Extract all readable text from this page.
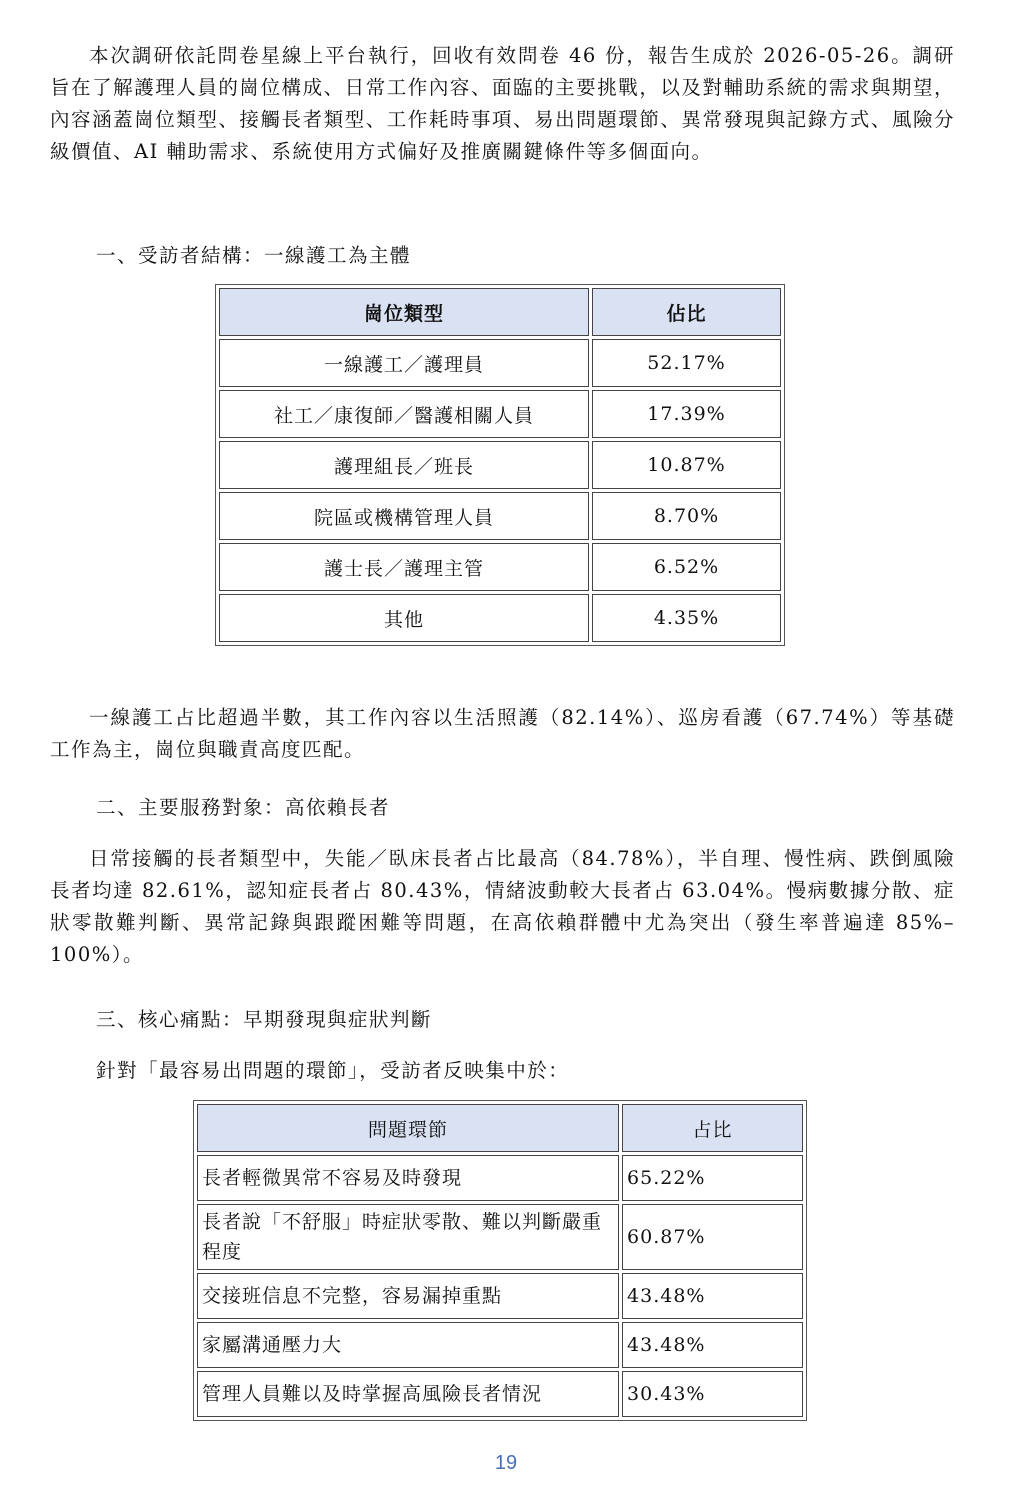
本次調研依託問卷星線上平台執行，回收有效問卷 46 份，報告生成於 2026-05-26。調研旨在了解護理人員的崗位構成、日常工作內容、面臨的主要挑戰，以及對輔助系統的需求與期望，內容涵蓋崗位類型、接觸長者類型、工作耗時事項、易出問題環節、異常發現與記錄方式、風險分級價值、AI 輔助需求、系統使用方式偏好及推廣關鍵條件等多個面向。

一、受訪者結構：一線護工為主體

崗位類型	佔比
一線護工／護理員	52.17%
社工／康復師／醫護相關人員	17.39%
護理組長／班長	10.87%
院區或機構管理人員	8.70%
護士長／護理主管	6.52%
其他	4.35%

一線護工占比超過半數，其工作內容以生活照護（82.14%）、巡房看護（67.74%）等基礎工作為主，崗位與職責高度匹配。

二、主要服務對象：高依賴長者

日常接觸的長者類型中，失能／臥床長者占比最高（84.78%），半自理、慢性病、跌倒風險長者均達 82.61%，認知症長者占 80.43%，情緒波動較大長者占 63.04%。慢病數據分散、症狀零散難判斷、異常記錄與跟蹤困難等問題，在高依賴群體中尤為突出（發生率普遍達 85%–100%）。

三、核心痛點：早期發現與症狀判斷

針對「最容易出問題的環節」，受訪者反映集中於：

問題環節	占比
長者輕微異常不容易及時發現	65.22%
長者說「不舒服」時症狀零散、難以判斷嚴重程度	60.87%
交接班信息不完整，容易漏掉重點	43.48%
家屬溝通壓力大	43.48%
管理人員難以及時掌握高風險長者情況	30.43%
19
